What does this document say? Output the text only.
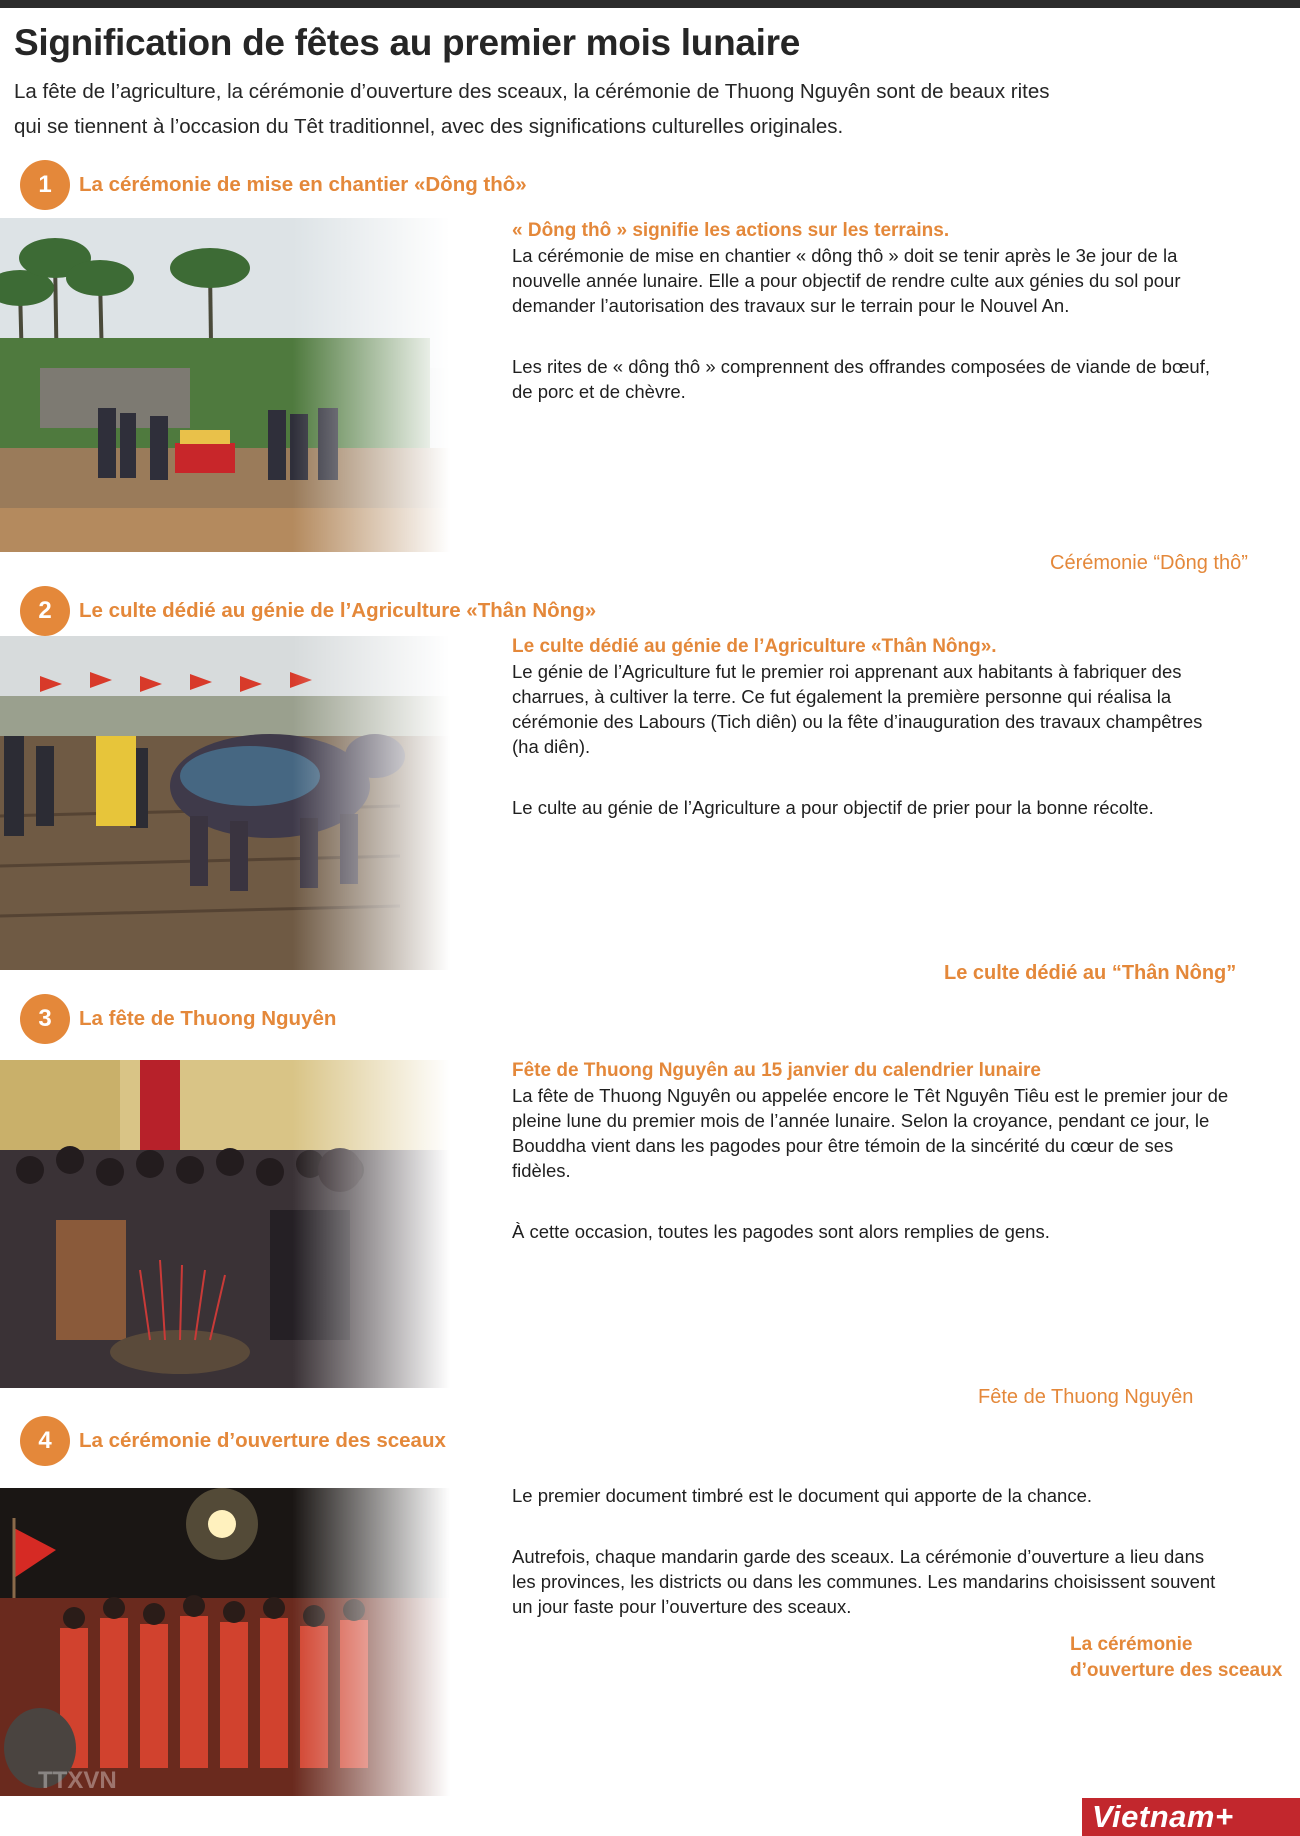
Signification de fêtes au premier mois lunaire

La fête de l’agriculture, la cérémonie d’ouverture des sceaux, la cérémonie de Thuong Nguyên sont de beaux rites qui se tiennent à l’occasion du Têt traditionnel, avec des significations culturelles originales.

1	La cérémonie de mise en chantier «Dông thô»

« Dông thô » signifie les actions sur les terrains.

La cérémonie de mise en chantier « dông thô » doit se tenir après le 3e jour de la nouvelle année lunaire. Elle a pour objectif de rendre culte aux génies du sol pour demander l’autorisation des travaux sur le terrain pour le Nouvel An.

Les rites de « dông thô » comprennent des offrandes composées de viande de bœuf, de porc et de chèvre.

Cérémonie “Dông thô”
2	Le culte dédié au génie de l’Agriculture «Thân Nông»

Le culte dédié au génie de l’Agriculture «Thân Nông».

Le génie de l’Agriculture fut le premier roi apprenant aux habitants à fabriquer des charrues, à cultiver la terre. Ce fut également la première personne qui réalisa la cérémonie des Labours (Tich diên) ou la fête d’inauguration des travaux champêtres (ha diên).

Le culte au génie de l’Agriculture a pour objectif de prier pour la bonne récolte.

Le culte dédié au “Thân Nông”
3	La fête de Thuong Nguyên

Fête de Thuong Nguyên au 15 janvier du calendrier lunaire

La fête de Thuong Nguyên ou appelée encore le Têt Nguyên Tiêu est le premier jour de pleine lune du premier mois de l’année lunaire. Selon la croyance, pendant ce jour, le Bouddha vient dans les pagodes pour être témoin de la sincérité du cœur de ses fidèles.

À cette occasion, toutes les pagodes sont alors remplies de gens.

Fête de Thuong Nguyên
4	La cérémonie d’ouverture des sceaux

Le premier document timbré est le document qui apporte de la chance.

Autrefois, chaque mandarin garde des sceaux. La cérémonie d’ouverture a lieu dans les provinces, les districts ou dans les communes. Les mandarins choisissent souvent un jour faste pour l’ouverture des sceaux.

La cérémonie
d’ouverture des sceaux
Vietnam+
